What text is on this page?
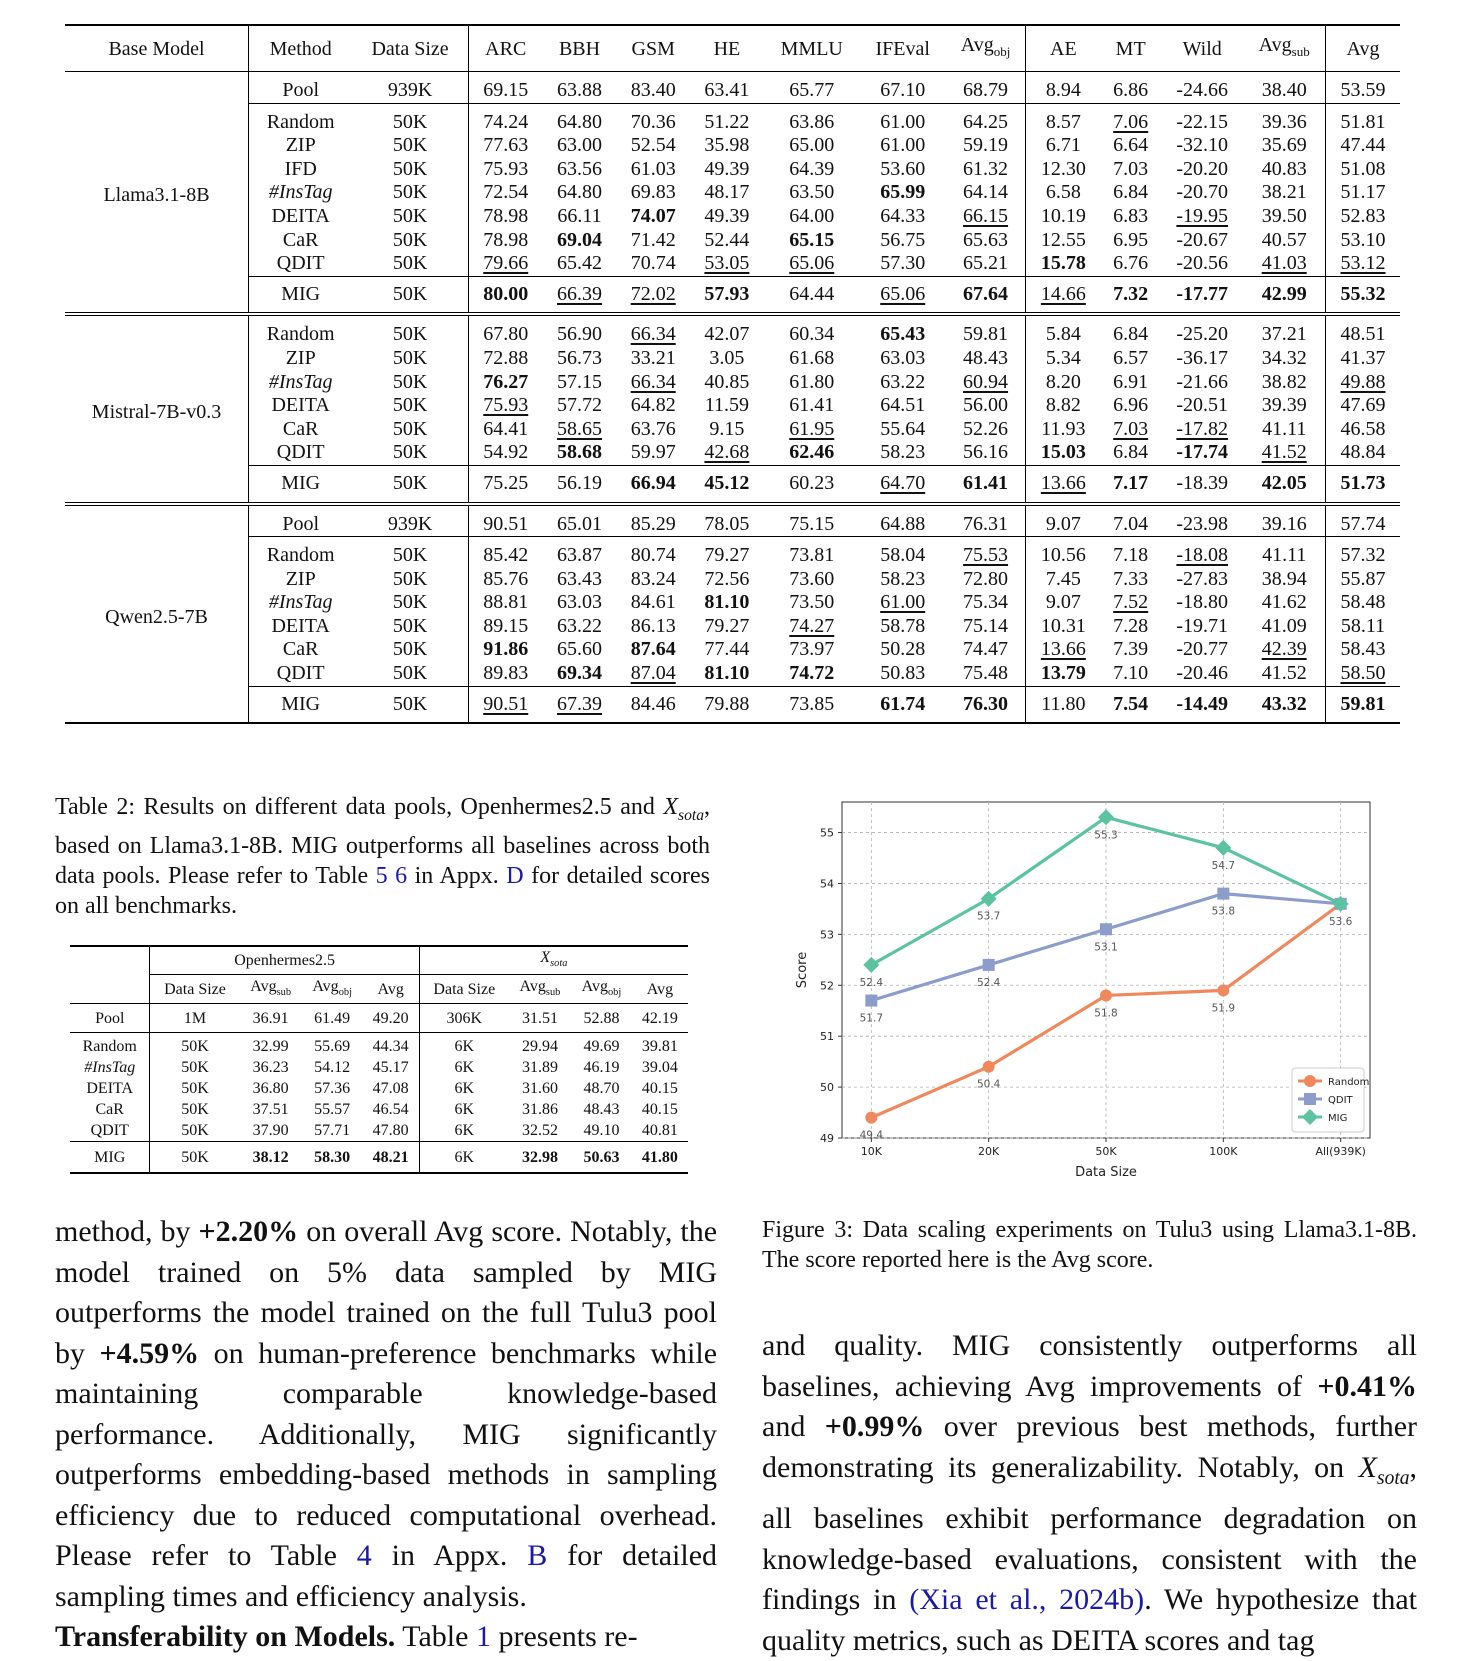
Base Model	Method	Data Size	ARC	BBH	GSM	HE	MMLU	IFEval	Avg$_{obj}$	AE	MT	Wild	Avg$_{sub}$	Avg
Llama3.1-8B	Pool	939K	69.15	63.88	83.40	63.41	65.77	67.10	68.79	8.94	6.86	-24.66	38.40	53.59
	Random	50K	74.24	64.80	70.36	51.22	63.86	61.00	64.25	8.57	7.06	-22.15	39.36	51.81
	ZIP	50K	77.63	63.00	52.54	35.98	65.00	61.00	59.19	6.71	6.64	-32.10	35.69	47.44
	IFD	50K	75.93	63.56	61.03	49.39	64.39	53.60	61.32	12.30	7.03	-20.20	40.83	51.08
	#InsTag	50K	72.54	64.80	69.83	48.17	63.50	65.99	64.14	6.58	6.84	-20.70	38.21	51.17
	DEITA	50K	78.98	66.11	74.07	49.39	64.00	64.33	66.15	10.19	6.83	-19.95	39.50	52.83
	CaR	50K	78.98	69.04	71.42	52.44	65.15	56.75	65.63	12.55	6.95	-20.67	40.57	53.10
	QDIT	50K	79.66	65.42	70.74	53.05	65.06	57.30	65.21	15.78	6.76	-20.56	41.03	53.12
	MIG	50K	80.00	66.39	72.02	57.93	64.44	65.06	67.64	14.66	7.32	-17.77	42.99	55.32
Mistral-7B-v0.3	Random	50K	67.80	56.90	66.34	42.07	60.34	65.43	59.81	5.84	6.84	-25.20	37.21	48.51
	ZIP	50K	72.88	56.73	33.21	3.05	61.68	63.03	48.43	5.34	6.57	-36.17	34.32	41.37
	#InsTag	50K	76.27	57.15	66.34	40.85	61.80	63.22	60.94	8.20	6.91	-21.66	38.82	49.88
	DEITA	50K	75.93	57.72	64.82	11.59	61.41	64.51	56.00	8.82	6.96	-20.51	39.39	47.69
	CaR	50K	64.41	58.65	63.76	9.15	61.95	55.64	52.26	11.93	7.03	-17.82	41.11	46.58
	QDIT	50K	54.92	58.68	59.97	42.68	62.46	58.23	56.16	15.03	6.84	-17.74	41.52	48.84
	MIG	50K	75.25	56.19	66.94	45.12	60.23	64.70	61.41	13.66	7.17	-18.39	42.05	51.73
Qwen2.5-7B	Pool	939K	90.51	65.01	85.29	78.05	75.15	64.88	76.31	9.07	7.04	-23.98	39.16	57.74
	Random	50K	85.42	63.87	80.74	79.27	73.81	58.04	75.53	10.56	7.18	-18.08	41.11	57.32
	ZIP	50K	85.76	63.43	83.24	72.56	73.60	58.23	72.80	7.45	7.33	-27.83	38.94	55.87
	#InsTag	50K	88.81	63.03	84.61	81.10	73.50	61.00	75.34	9.07	7.52	-18.80	41.62	58.48
	DEITA	50K	89.15	63.22	86.13	79.27	74.27	58.78	75.14	10.31	7.28	-19.71	41.09	58.11
	CaR	50K	91.86	65.60	87.64	77.44	73.97	50.28	74.47	13.66	7.39	-20.77	42.39	58.43
	QDIT	50K	89.83	69.34	87.04	81.10	74.72	50.83	75.48	13.79	7.10	-20.46	41.52	58.50
	MIG	50K	90.51	67.39	84.46	79.88	73.85	61.74	76.30	11.80	7.54	-14.49	43.32	59.81
Table 2: Results on different data pools, Openhermes2.5 and $X_{sota}$, based on Llama3.1-8B. MIG outperforms all baselines across both data pools. Please refer to Table 5 6 in Appx. D for detailed scores on all benchmarks.
	Openhermes2.5				$X_{sota}$
	Data Size	Avg$_{sub}$	Avg$_{obj}$	Avg	Data Size	Avg$_{sub}$	Avg$_{obj}$	Avg
Pool	1M	36.91	61.49	49.20	306K	31.51	52.88	42.19
Random	50K	32.99	55.69	44.34	6K	29.94	49.69	39.81
#InsTag	50K	36.23	54.12	45.17	6K	31.89	46.19	39.04
DEITA	50K	36.80	57.36	47.08	6K	31.60	48.70	40.15
CaR	50K	37.51	55.57	46.54	6K	31.86	48.43	40.15
QDIT	50K	37.90	57.71	47.80	6K	32.52	49.10	40.81
MIG	50K	38.12	58.30	48.21	6K	32.98	50.63	41.80
49
50
51
52
53
54
55
10K	20K	50K	100K	All(939K)
Data Size
Score
49.4
50.4
51.8	51.9
51.7
52.4
53.1
53.8
52.4
53.7
55.3
54.7
53.6
Random
QDIT
MIG
Figure 3: Data scaling experiments on Tulu3 using Llama3.1-8B. The score reported here is the Avg score.
method, by +2.20% on overall Avg score. Notably, the model trained on 5% data sampled by MIG outperforms the model trained on the full Tulu3 pool by +4.59% on human-preference benchmarks while maintaining comparable knowledge-based performance. Additionally, MIG significantly outperforms embedding-based methods in sampling efficiency due to reduced computational overhead. Please refer to Table 4 in Appx. B for detailed sampling times and efficiency analysis.
Transferability on Models. Table 1 presents re-
and quality. MIG consistently outperforms all baselines, achieving Avg improvements of +0.41% and +0.99% over previous best methods, further demonstrating its generalizability. Notably, on $X_{sota}$, all baselines exhibit performance degradation on knowledge-based evaluations, consistent with the findings in (Xia et al., 2024b). We hypothesize that quality metrics, such as DEITA scores and tag
